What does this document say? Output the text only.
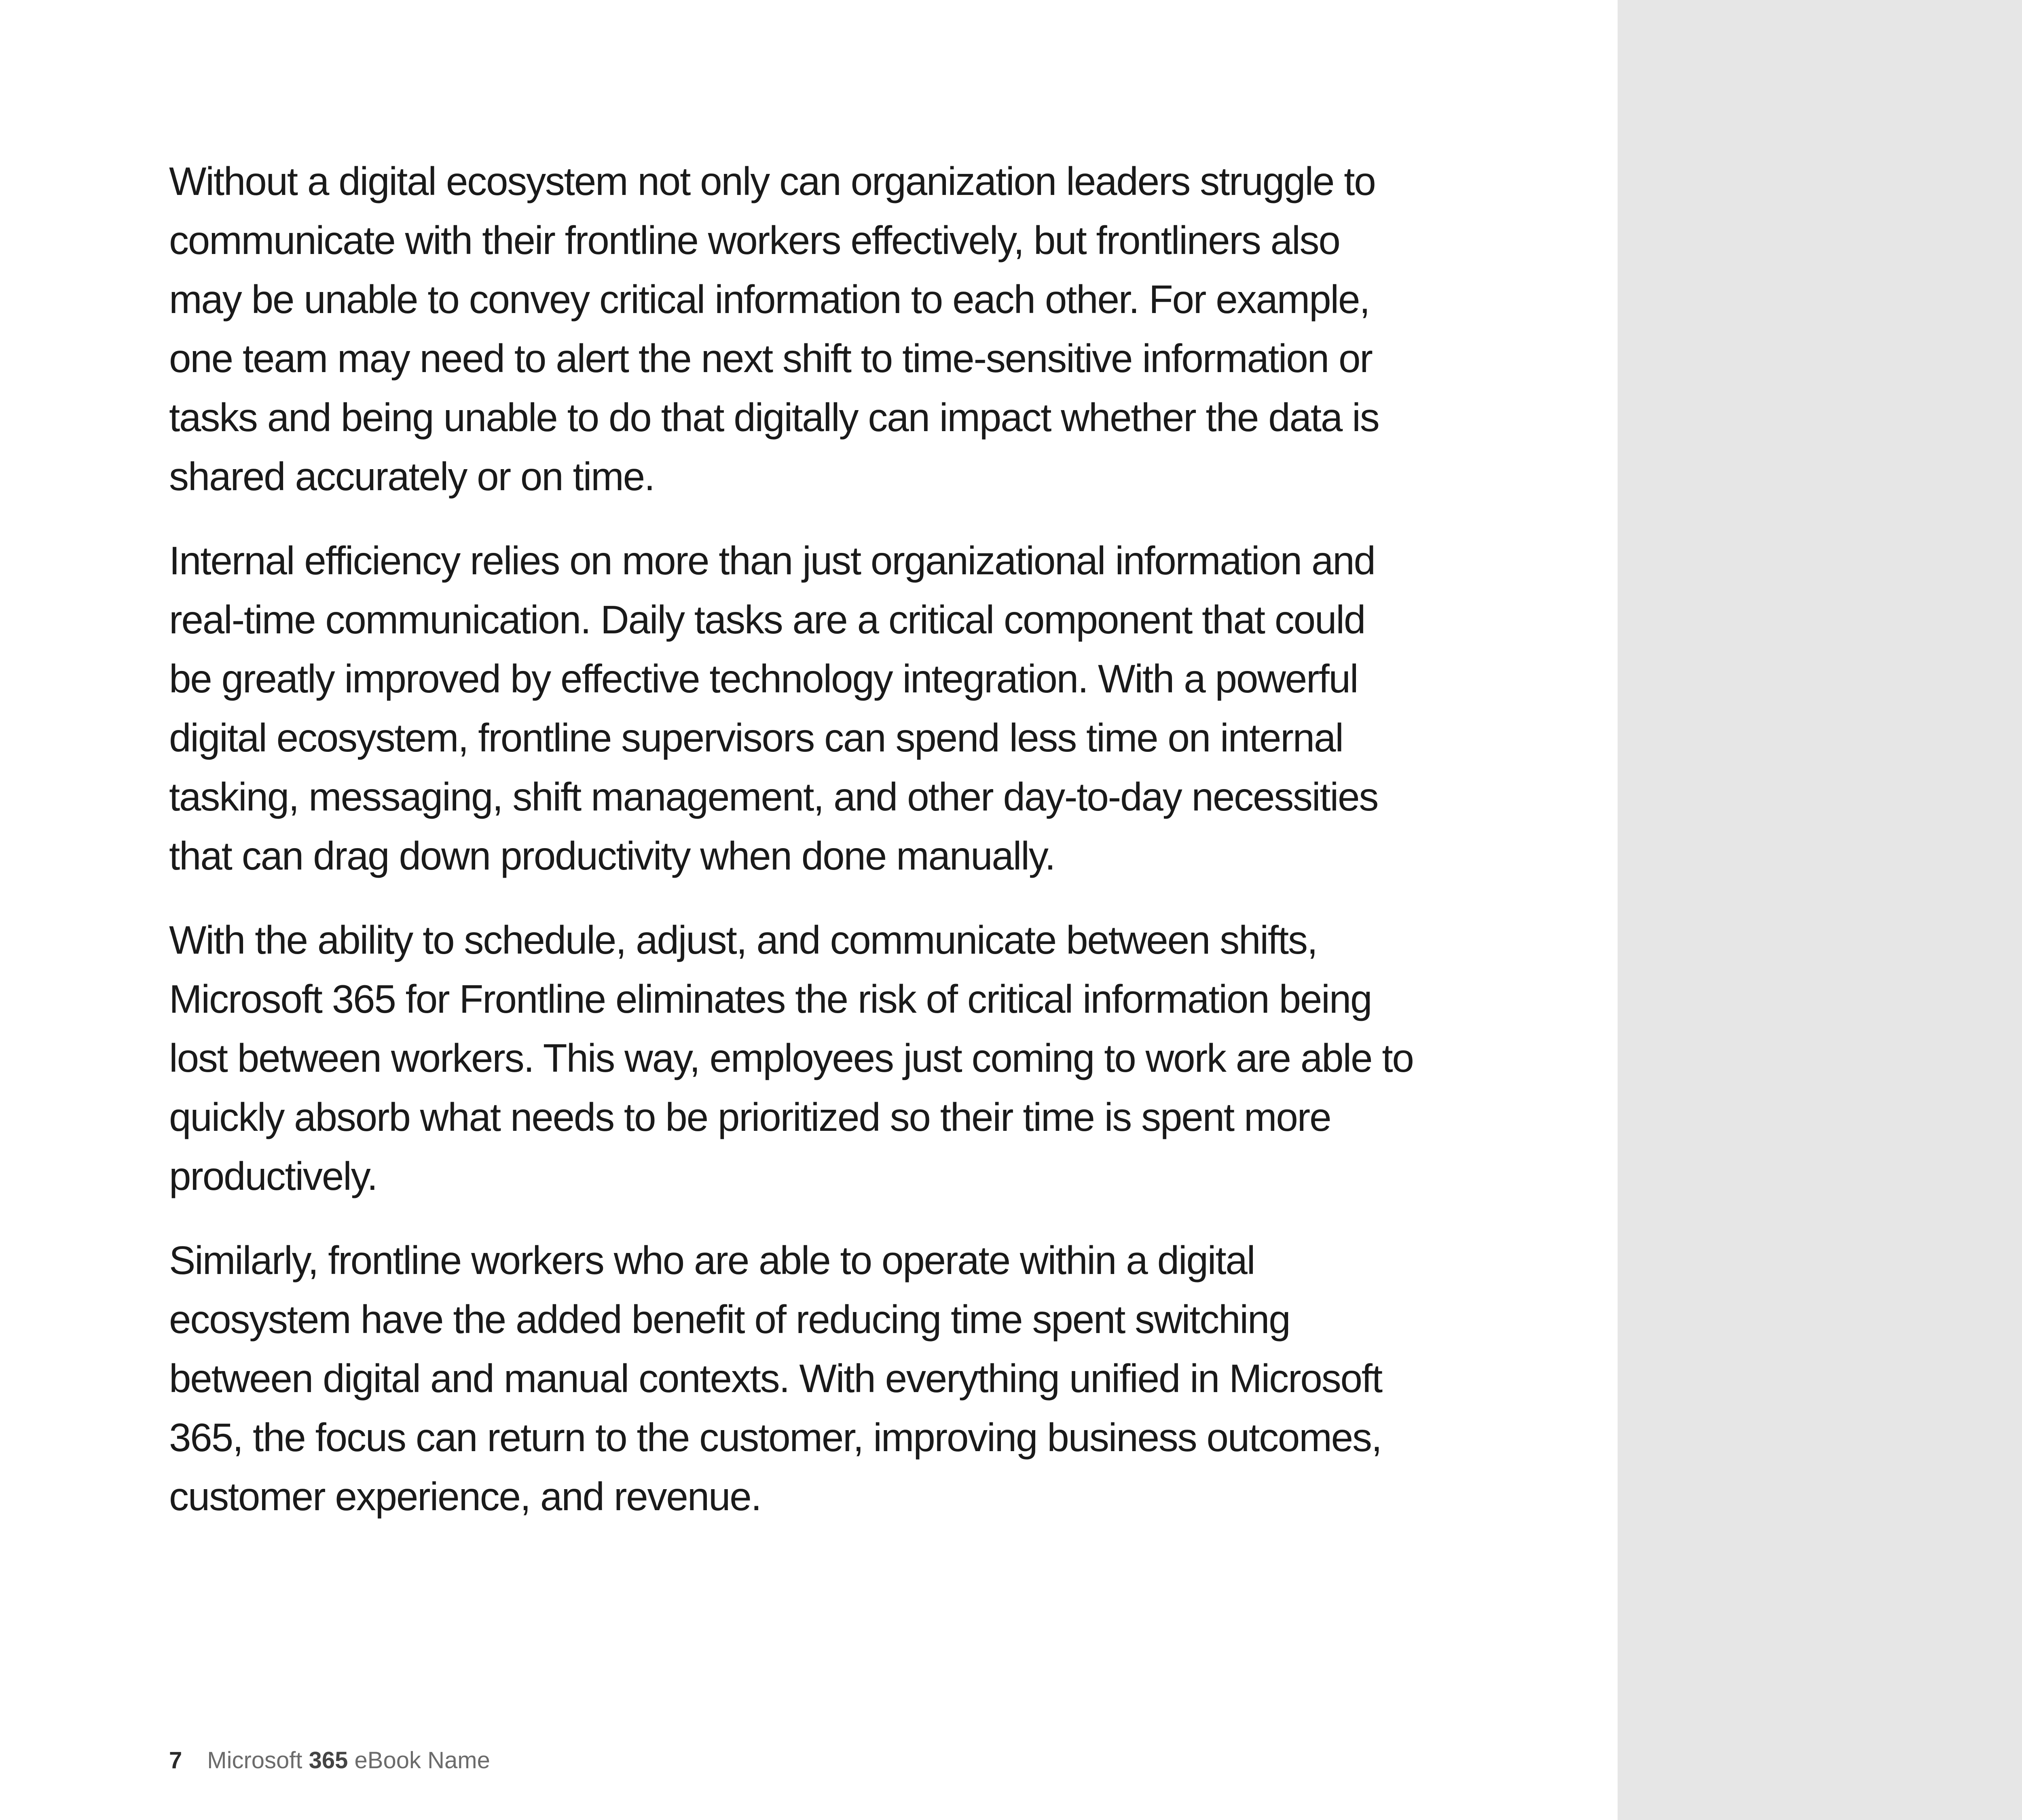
Without a digital ecosystem not only can organization leaders struggle to communicate with their frontline workers effectively, but frontliners also may be unable to convey critical information to each other. For example, one team may need to alert the next shift to time-sensitive information or tasks and being unable to do that digitally can impact whether the data is shared accurately or on time.

Internal efficiency relies on more than just organizational information and real-time communication. Daily tasks are a critical component that could be greatly improved by effective technology integration. With a powerful digital ecosystem, frontline supervisors can spend less time on internal tasking, messaging, shift management, and other day-to-day necessities that can drag down productivity when done manually.

With the ability to schedule, adjust, and communicate between shifts, Microsoft 365 for Frontline eliminates the risk of critical information being lost between workers. This way, employees just coming to work are able to quickly absorb what needs to be prioritized so their time is spent more productively.

Similarly, frontline workers who are able to operate within a digital ecosystem have the added benefit of reducing time spent switching between digital and manual contexts. With everything unified in Microsoft 365, the focus can return to the customer, improving business outcomes, customer experience, and revenue.

7 Microsoft 365 eBook Name
